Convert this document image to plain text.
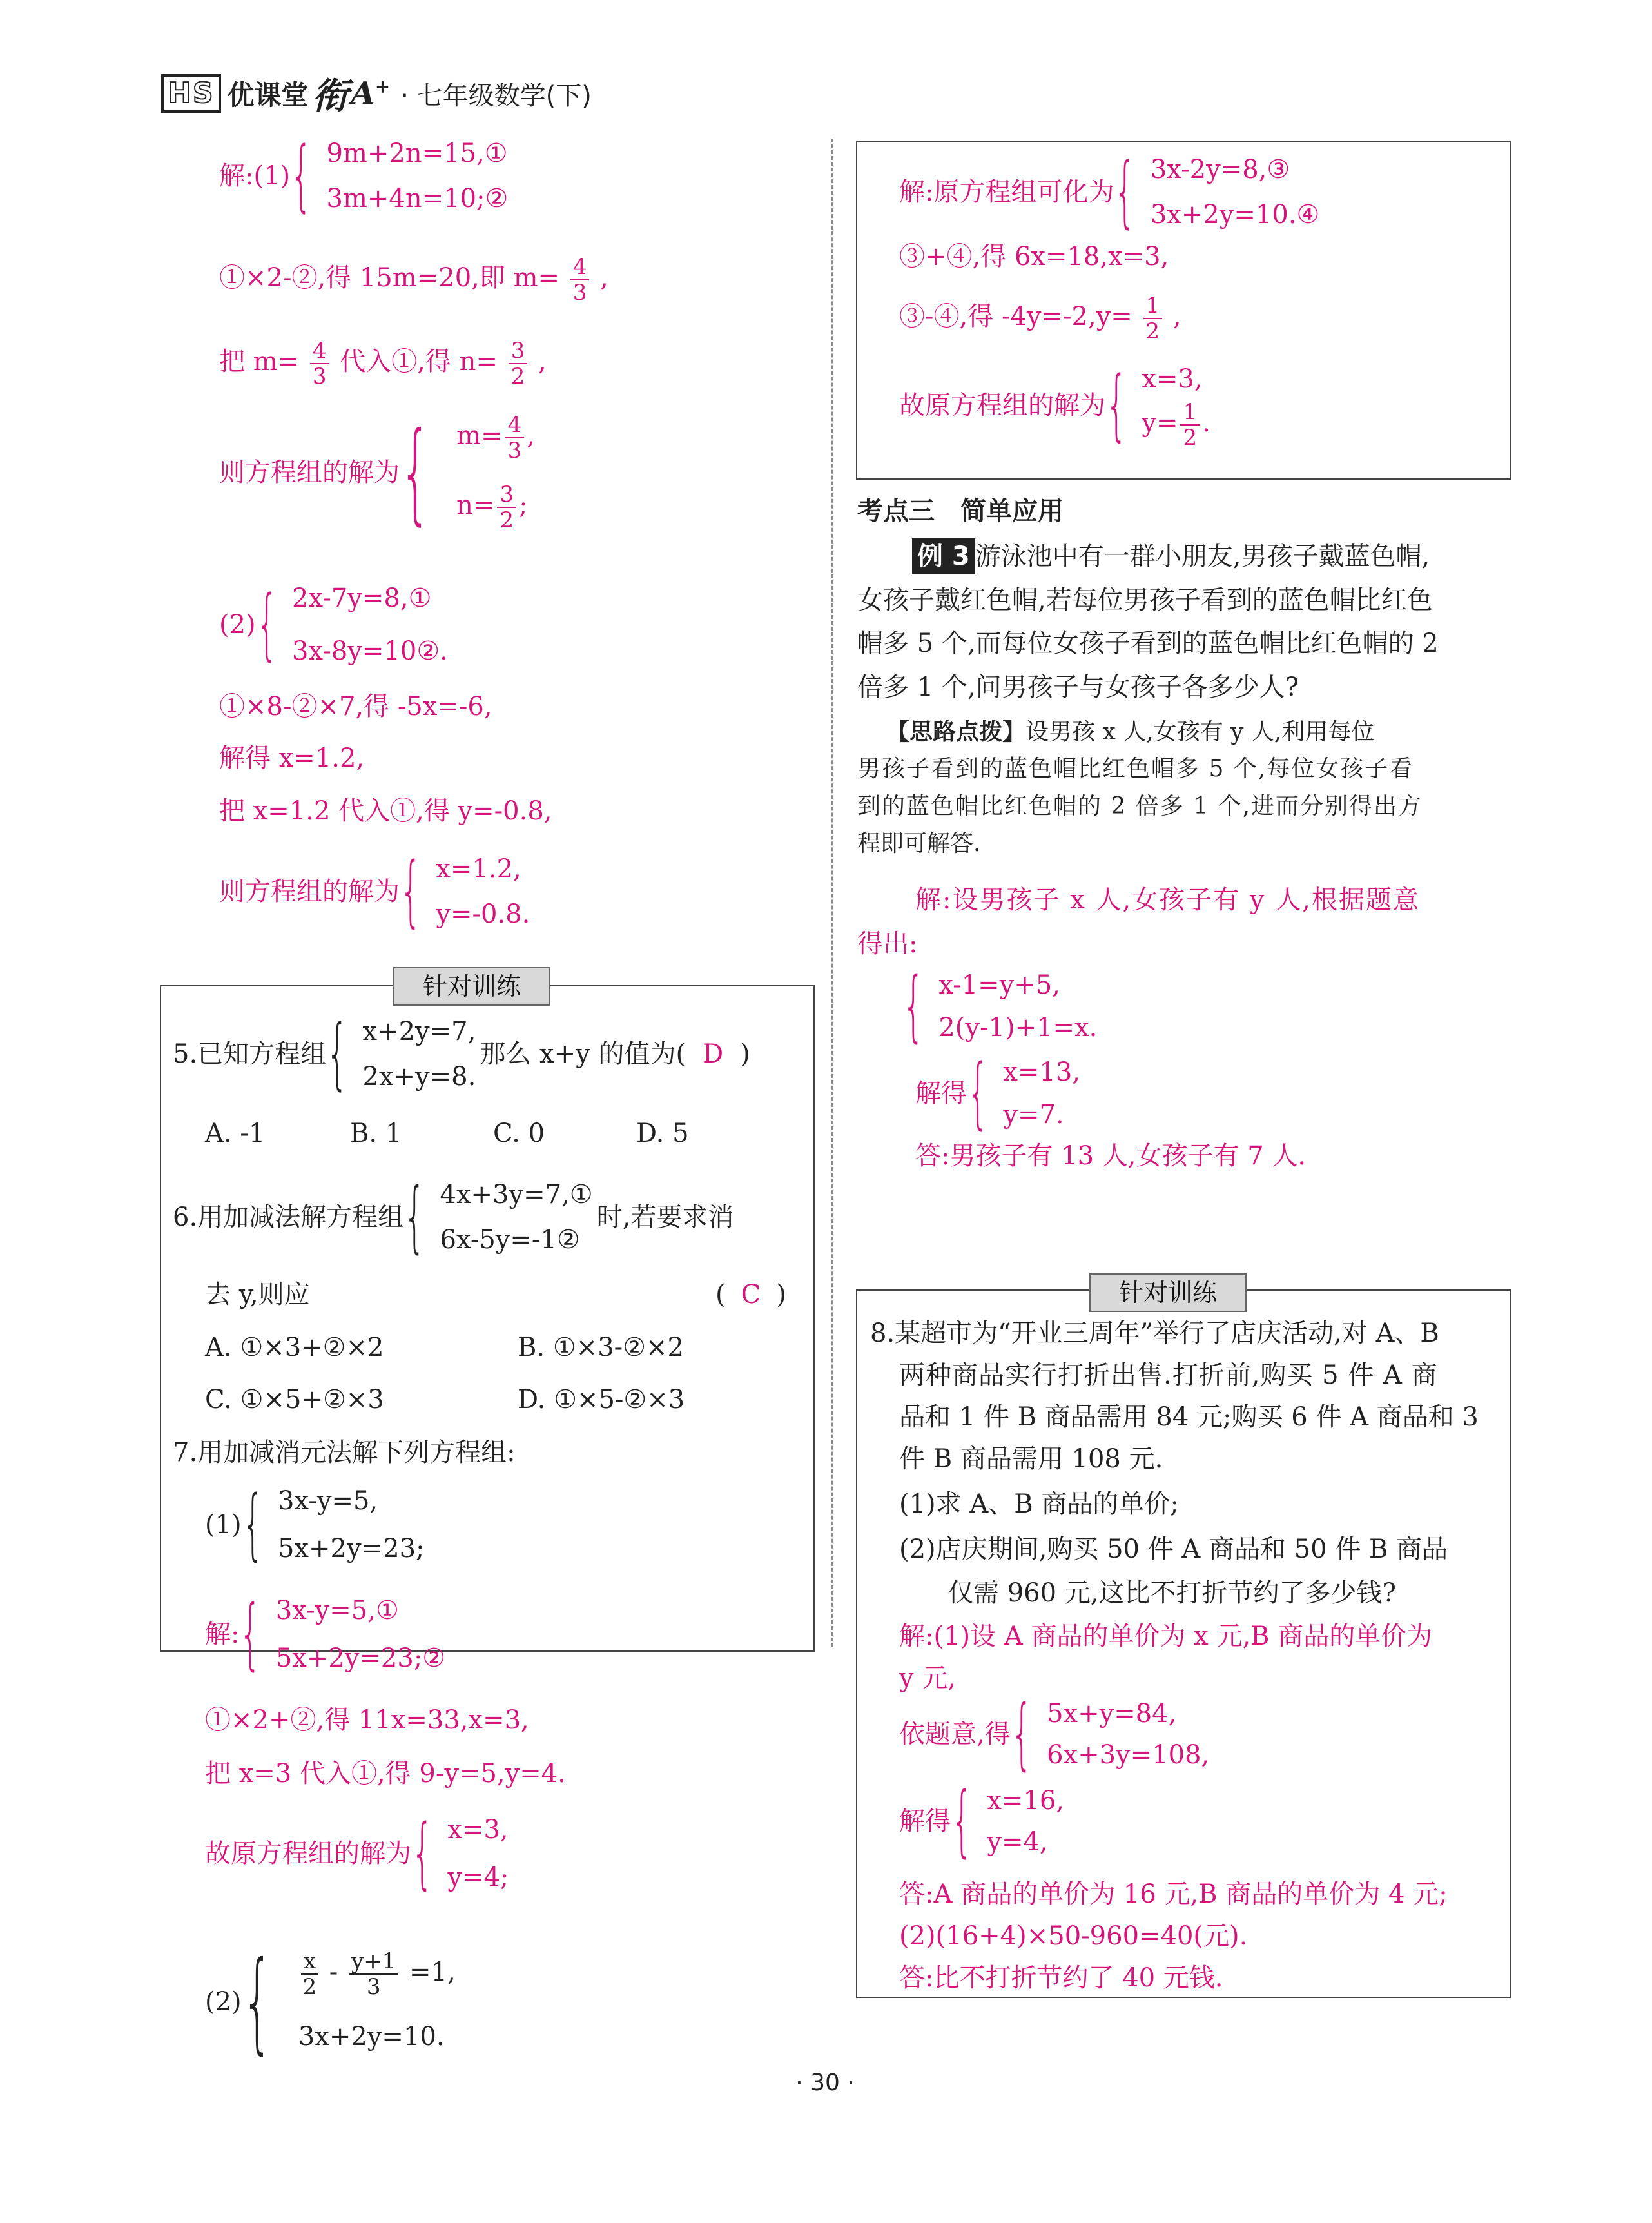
HS 优课堂 衔 A+ · 七年级数学(下)
解:(1) { 9m+2n=15,①
3m+4n=10;②
①×2-②,得 15m=20,即 $m= \frac{4}{3}$ ,
把 $m= \frac{4}{3}$ 代入①,得 $n= \frac{3}{2}$ ,
则方程组的解为 { $m= \frac{4}{3}$ ,
$n= \frac{3}{2}$ ;
(2) { 2x-7y=8,①
3x-8y=10②.
①×8-②×7,得 -5x=-6,
解得 x=1.2,
把 x=1.2 代入①,得 y=-0.8,
则方程组的解为 { x=1.2,
y=-0.8.
针对训练
5.已知方程组 { x+2y=7,
2x+y=8.
那么 x+y 的值为( D )
A. -1	B. 1	C. 0	D. 5
6.用加减法解方程组 { 4x+3y=7,①
6x-5y=-1②
时,若要求消
去 y,则应	( C )
A. ①×3+②×2	B. ①×3-②×2
C. ①×5+②×3	D. ①×5-②×3
7.用加减消元法解下列方程组:
(1) { 3x-y=5,
5x+2y=23;
解: { 3x-y=5,①
5x+2y=23;②
①×2+②,得 11x=33,x=3,
把 x=3 代入①,得 9-y=5,y=4.
故原方程组的解为 { x=3,
y=4;
(2) { $\frac{x}{2} - \frac{y+1}{3} =1$,
3x+2y=10.
解:原方程组可化为 { 3x-2y=8,③
3x+2y=10.④
③+④,得 6x=18,x=3,
③-④,得 $-4y=-2,y= \frac{1}{2}$ ,
故原方程组的解为 { x=3,
$y= \frac{1}{2}$ .
考点三　简单应用
例 3 游泳池中有一群小朋友,男孩子戴蓝色帽,
女孩子戴红色帽,若每位男孩子看到的蓝色帽比红色
帽多 5 个,而每位女孩子看到的蓝色帽比红色帽的 2
倍多 1 个,问男孩子与女孩子各多少人?
【思路点拨】设男孩 x 人,女孩有 y 人,利用每位
男孩子看到的蓝色帽比红色帽多 5 个,每位女孩子看
到的蓝色帽比红色帽的 2 倍多 1 个,进而分别得出方
程即可解答.
解:设男孩子 x 人,女孩子有 y 人,根据题意
得出:
{ x-1=y+5,
2(y-1)+1=x.
解得 { x=13,
y=7.
答:男孩子有 13 人,女孩子有 7 人.
针对训练
8.某超市为“开业三周年”举行了店庆活动,对 A、B
两种商品实行打折出售.打折前,购买 5 件 A 商
品和 1 件 B 商品需用 84 元;购买 6 件 A 商品和 3
件 B 商品需用 108 元.
(1)求 A、B 商品的单价;
(2)店庆期间,购买 50 件 A 商品和 50 件 B 商品
仅需 960 元,这比不打折节约了多少钱?
解:(1)设 A 商品的单价为 x 元,B 商品的单价为
y 元,
依题意,得 { 5x+y=84,
6x+3y=108,
解得 { x=16,
y=4,
答:A 商品的单价为 16 元,B 商品的单价为 4 元;
(2)(16+4)×50-960=40(元).
答:比不打折节约了 40 元钱.
· 30 ·
